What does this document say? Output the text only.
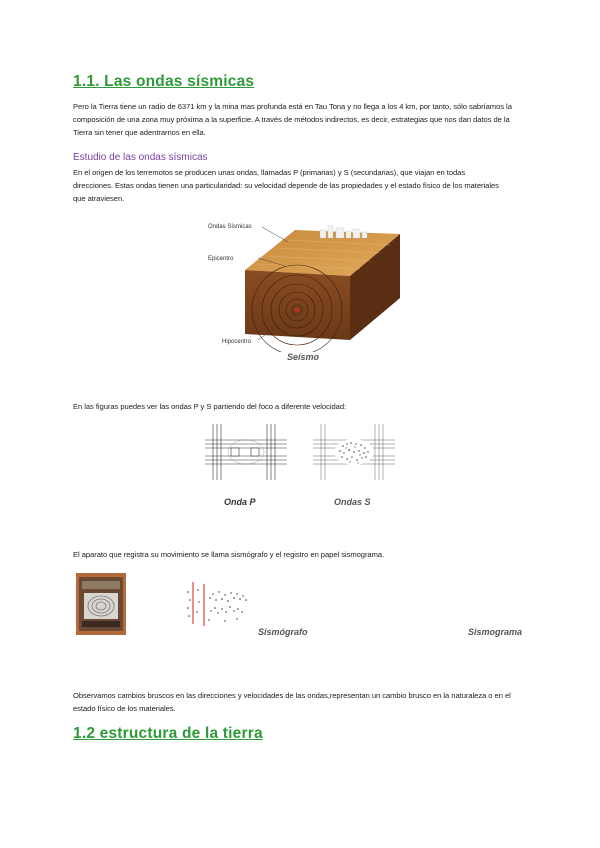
1.1. Las ondas sísmicas
Pero la Tierra tiene un radio de 6371 km y la mina mas profunda está en Tau Tona y no llega a los 4 km, por tanto, sólo sabríamos la composición de una zona muy próxima a la superficie. A través de métodos indirectos, es decir, estrategias que nos dan datos de la Tierra sin tener que adentrarnos en ella.
Estudio de las ondas sísmicas
En el origen de los terremotos se producen unas ondas, llamadas P (primarias) y S (secundarias), que viajan en todas direcciones. Estas ondas tienen una particularidad: su velocidad depende de las propiedades y el estado físico de los materiales que atraviesen.
Ondas Sísmicas
Epicentro
Hipocentro
Seísmo
En las figuras puedes ver las ondas P y S partiendo del foco a diferente velocidad:
Onda P	Ondas S
El aparato que registra su movimiento se llama sismógrafo y el registro en papel sismograma.
Sismógrafo	Sismograma
Observamos cambios bruscos en las direcciones y velocidades de las ondas,representan un cambio brusco en la naturaleza o en el estado físico de los materiales.
1.2 estructura de la tierra
